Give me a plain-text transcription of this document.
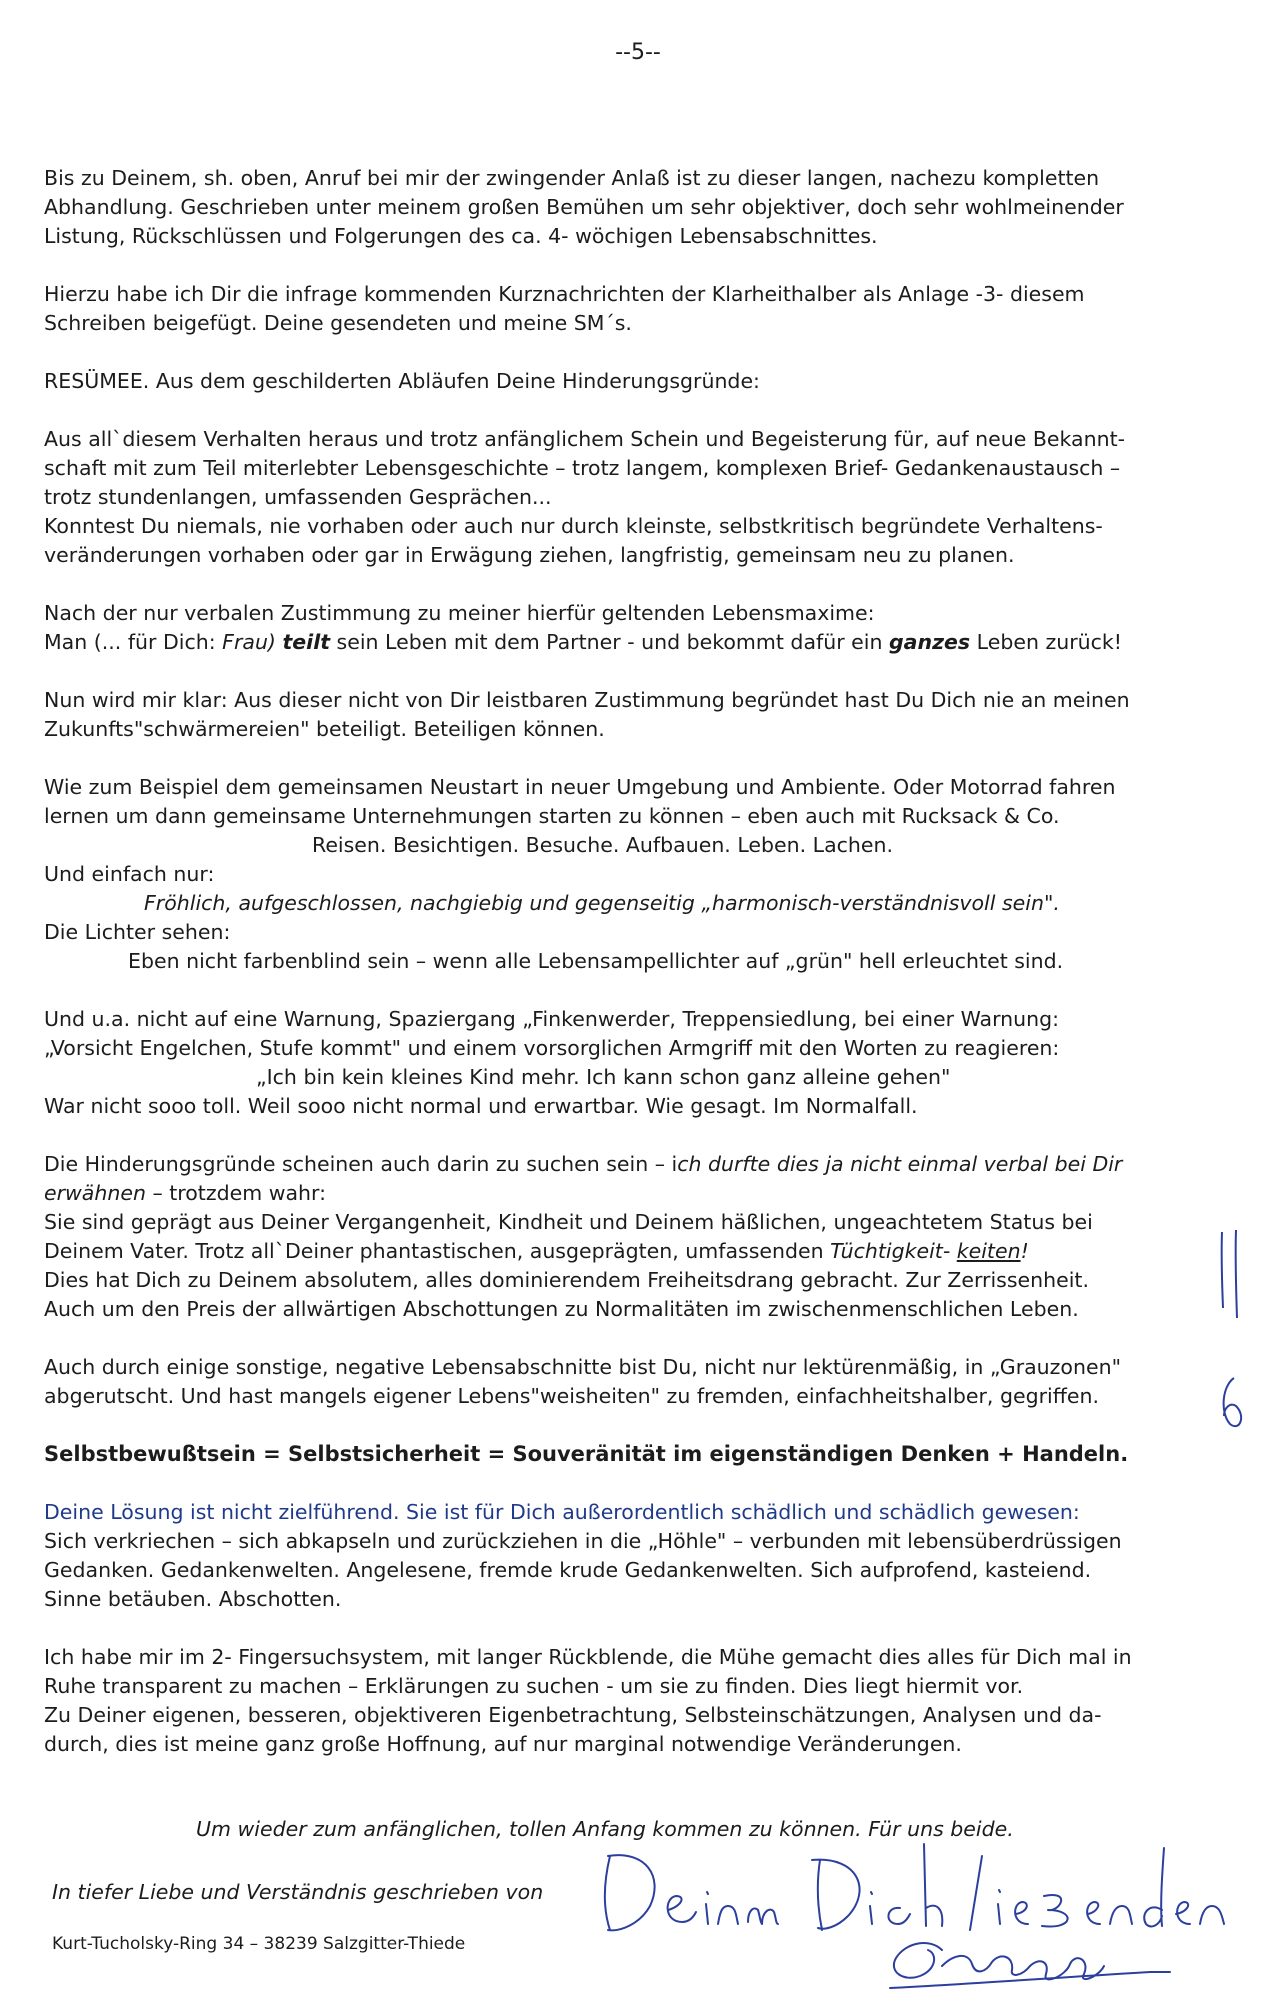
--5--

Bis zu Deinem, sh. oben, Anruf bei mir der zwingender Anlaß ist zu dieser langen, nachezu kompletten
Abhandlung. Geschrieben unter meinem großen Bemühen um sehr objektiver, doch sehr wohlmeinender
Listung, Rückschlüssen und Folgerungen des ca. 4- wöchigen Lebensabschnittes.

Hierzu habe ich Dir die infrage kommenden Kurznachrichten der Klarheithalber als Anlage -3- diesem
Schreiben beigefügt. Deine gesendeten und meine SM´s.

RESÜMEE. Aus dem geschilderten Abläufen Deine Hinderungsgründe:

Aus all`diesem Verhalten heraus und trotz anfänglichem Schein und Begeisterung für, auf neue Bekannt-
schaft mit zum Teil miterlebter Lebensgeschichte – trotz langem, komplexen Brief- Gedankenaustausch –
trotz stundenlangen, umfassenden Gesprächen...
Konntest Du niemals, nie vorhaben oder auch nur durch kleinste, selbstkritisch begründete Verhaltens-
veränderungen vorhaben oder gar in Erwägung ziehen, langfristig, gemeinsam neu zu planen.

Nach der nur verbalen Zustimmung zu meiner hierfür geltenden Lebensmaxime:
Man (... für Dich: Frau) teilt sein Leben mit dem Partner - und bekommt dafür ein ganzes Leben zurück!

Nun wird mir klar: Aus dieser nicht von Dir leistbaren Zustimmung begründet hast Du Dich nie an meinen
Zukunfts"schwärmereien" beteiligt. Beteiligen können.

Wie zum Beispiel dem gemeinsamen Neustart in neuer Umgebung und Ambiente. Oder Motorrad fahren
lernen um dann gemeinsame Unternehmungen starten zu können – eben auch mit Rucksack & Co.
Reisen. Besichtigen. Besuche. Aufbauen. Leben. Lachen.
Und einfach nur:
Fröhlich, aufgeschlossen, nachgiebig und gegenseitig „harmonisch-verständnisvoll sein".
Die Lichter sehen:
Eben nicht farbenblind sein – wenn alle Lebensampellichter auf „grün" hell erleuchtet sind.

Und u.a. nicht auf eine Warnung, Spaziergang „Finkenwerder, Treppensiedlung, bei einer Warnung:
„Vorsicht Engelchen, Stufe kommt" und einem vorsorglichen Armgriff mit den Worten zu reagieren:
„Ich bin kein kleines Kind mehr. Ich kann schon ganz alleine gehen"
War nicht sooo toll. Weil sooo nicht normal und erwartbar. Wie gesagt. Im Normalfall.

Die Hinderungsgründe scheinen auch darin zu suchen sein – ich durfte dies ja nicht einmal verbal bei Dir
erwähnen – trotzdem wahr:
Sie sind geprägt aus Deiner Vergangenheit, Kindheit und Deinem häßlichen, ungeachtetem Status bei
Deinem Vater. Trotz all`Deiner phantastischen, ausgeprägten, umfassenden Tüchtigkeit- keiten!
Dies hat Dich zu Deinem absolutem, alles dominierendem Freiheitsdrang gebracht. Zur Zerrissenheit.
Auch um den Preis der allwärtigen Abschottungen zu Normalitäten im zwischenmenschlichen Leben.

Auch durch einige sonstige, negative Lebensabschnitte bist Du, nicht nur lektürenmäßig, in „Grauzonen"
abgerutscht. Und hast mangels eigener Lebens"weisheiten" zu fremden, einfachheitshalber, gegriffen.

Selbstbewußtsein = Selbstsicherheit = Souveränität im eigenständigen Denken + Handeln.

Deine Lösung ist nicht zielführend. Sie ist für Dich außerordentlich schädlich und schädlich gewesen:
Sich verkriechen – sich abkapseln und zurückziehen in die „Höhle" – verbunden mit lebensüberdrüssigen
Gedanken. Gedankenwelten. Angelesene, fremde krude Gedankenwelten. Sich aufprofend, kasteiend.
Sinne betäuben. Abschotten.

Ich habe mir im 2- Fingersuchsystem, mit langer Rückblende, die Mühe gemacht dies alles für Dich mal in
Ruhe transparent zu machen – Erklärungen zu suchen - um sie zu finden. Dies liegt hiermit vor.
Zu Deiner eigenen, besseren, objektiveren Eigenbetrachtung, Selbsteinschätzungen, Analysen und da-
durch, dies ist meine ganz große Hoffnung, auf nur marginal notwendige Veränderungen.

Um wieder zum anfänglichen, tollen Anfang kommen zu können. Für uns beide.
In tiefer Liebe und Verständnis geschrieben von
Kurt-Tucholsky-Ring 34 – 38239 Salzgitter-Thiede
